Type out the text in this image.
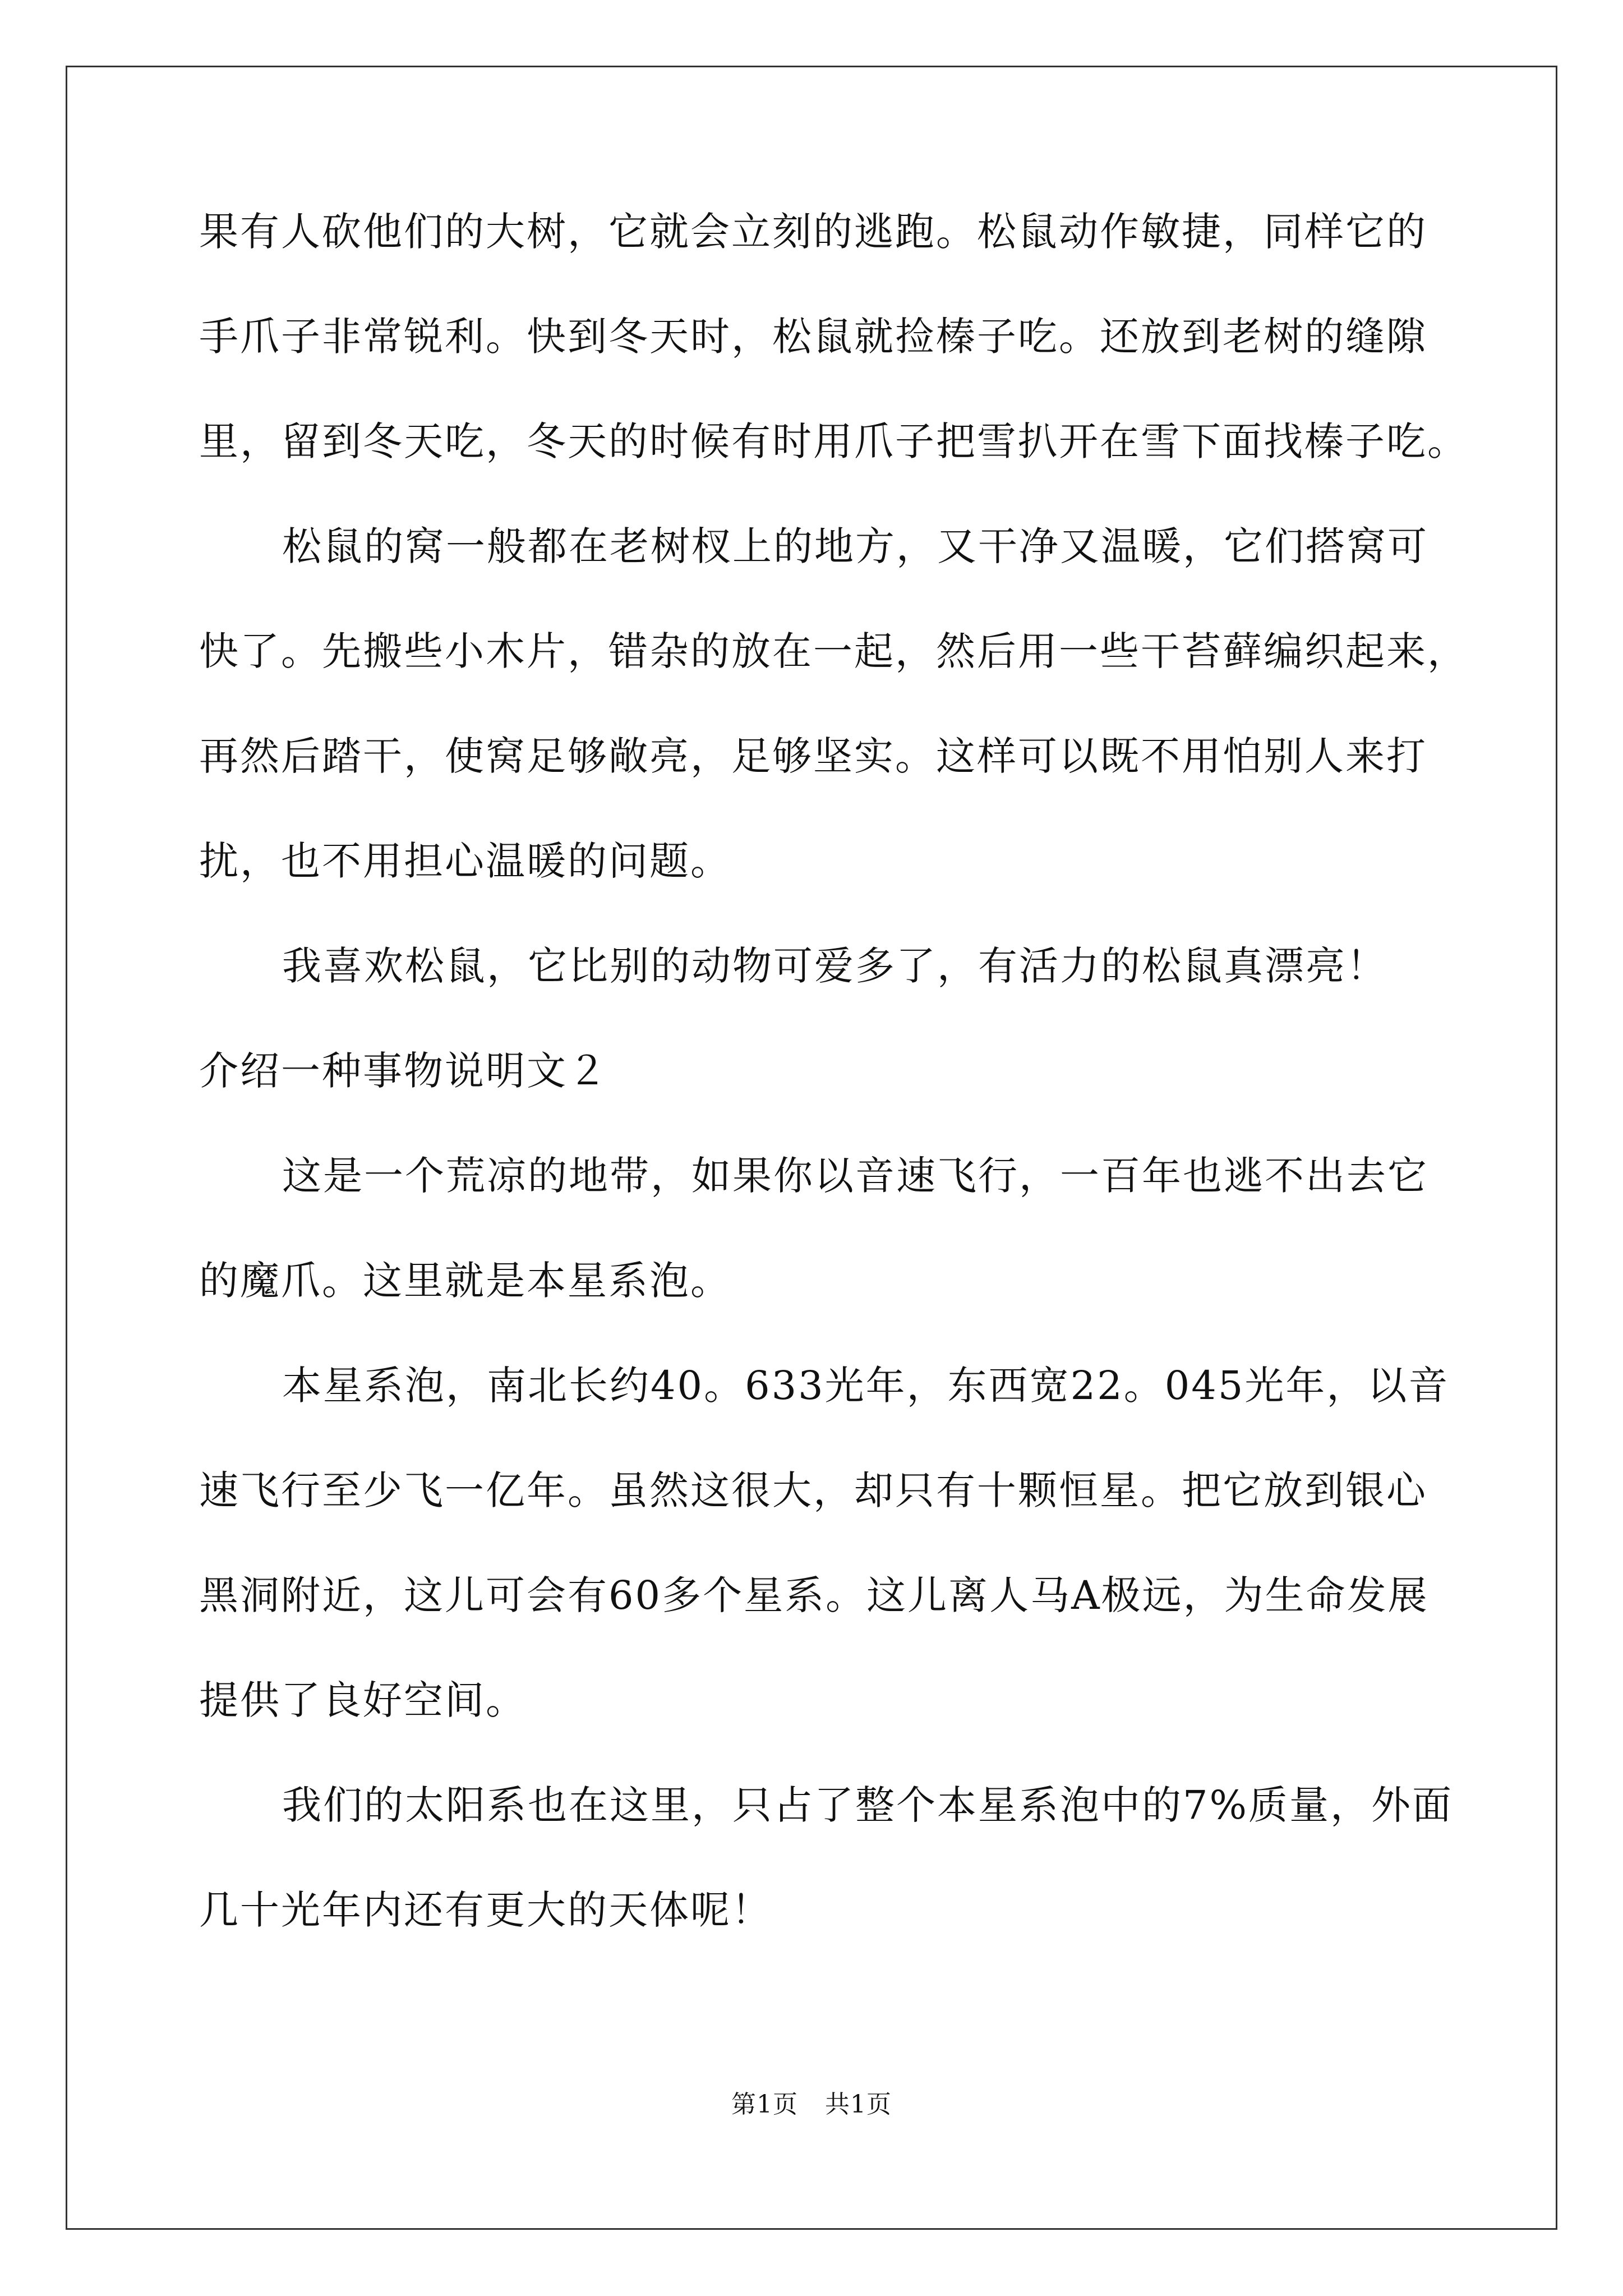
果有人砍他们的大树，它就会立刻的逃跑。松鼠动作敏捷，同样它的
手爪子非常锐利。快到冬天时，松鼠就捡榛子吃。还放到老树的缝隙
里，留到冬天吃，冬天的时候有时用爪子把雪扒开在雪下面找榛子吃。
松鼠的窝一般都在老树杈上的地方，又干净又温暖，它们搭窝可
快了。先搬些小木片，错杂的放在一起，然后用一些干苔藓编织起来，
再然后踏干，使窝足够敞亮，足够坚实。这样可以既不用怕别人来打
扰，也不用担心温暖的问题。
我喜欢松鼠，它比别的动物可爱多了，有活力的松鼠真漂亮！
介绍一种事物说明文２
这是一个荒凉的地带，如果你以音速飞行，一百年也逃不出去它
的魔爪。这里就是本星系泡。
本星系泡，南北长约40。633光年，东西宽22。045光年，以音
速飞行至少飞一亿年。虽然这很大，却只有十颗恒星。把它放到银心
黑洞附近，这儿可会有60多个星系。这儿离人马A极远，为生命发展
提供了良好空间。
我们的太阳系也在这里，只占了整个本星系泡中的7%质量，外面
几十光年内还有更大的天体呢！
第1页 共1页
